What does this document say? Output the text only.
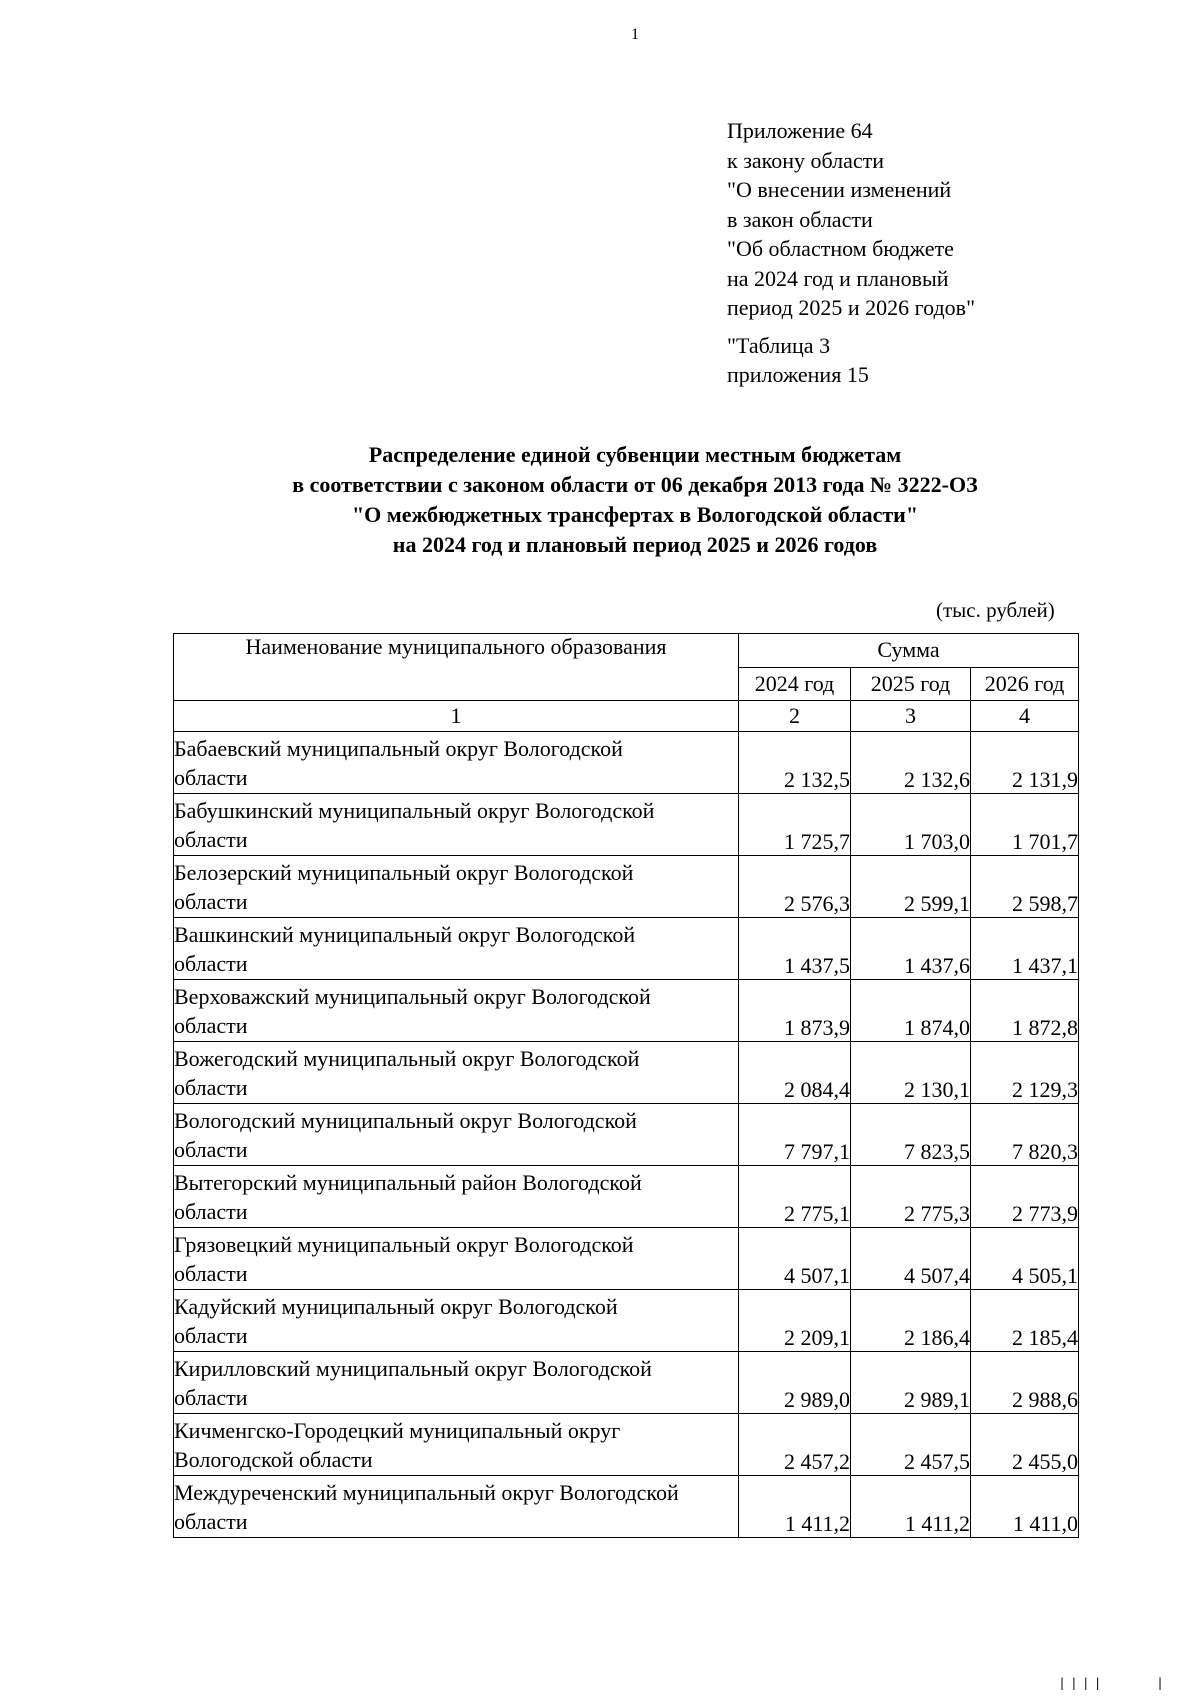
1
Приложение 64
к закону области
"О внесении изменений
в закон области
"Об областном бюджете
на 2024 год и плановый
период 2025 и 2026 годов"
"Таблица 3
приложения 15
Распределение единой субвенции местным бюджетам
в соответствии с законом области от 06 декабря 2013 года № 3222-ОЗ
"О межбюджетных трансфертах в Вологодской области"
на 2024 год и плановый период 2025 и 2026 годов
(тыс. рублей)
Наименование муниципального образования	Сумма		
	2024 год	2025 год	2026 год
1	2	3	4

Бабаевский муниципальный округ Вологодской
области	2 132,5	2 132,6	2 131,9

Бабушкинский муниципальный округ Вологодской
области	1 725,7	1 703,0	1 701,7

Белозерский муниципальный округ Вологодской
области	2 576,3	2 599,1	2 598,7

Вашкинский муниципальный округ Вологодской
области	1 437,5	1 437,6	1 437,1

Верховажский муниципальный округ Вологодской
области	1 873,9	1 874,0	1 872,8

Вожегодский муниципальный округ Вологодской
области	2 084,4	2 130,1	2 129,3

Вологодский муниципальный округ Вологодской
области	7 797,1	7 823,5	7 820,3

Вытегорский муниципальный район Вологодской
области	2 775,1	2 775,3	2 773,9

Грязовецкий муниципальный округ Вологодской
области	4 507,1	4 507,4	4 505,1

Кадуйский муниципальный округ Вологодской
области	2 209,1	2 186,4	2 185,4

Кирилловский муниципальный округ Вологодской
области	2 989,0	2 989,1	2 988,6

Кичменгско-Городецкий муниципальный округ
Вологодской области	2 457,2	2 457,5	2 455,0

Междуреченский муниципальный округ Вологодской
области	1 411,2	1 411,2	1 411,0
| | | |	|
